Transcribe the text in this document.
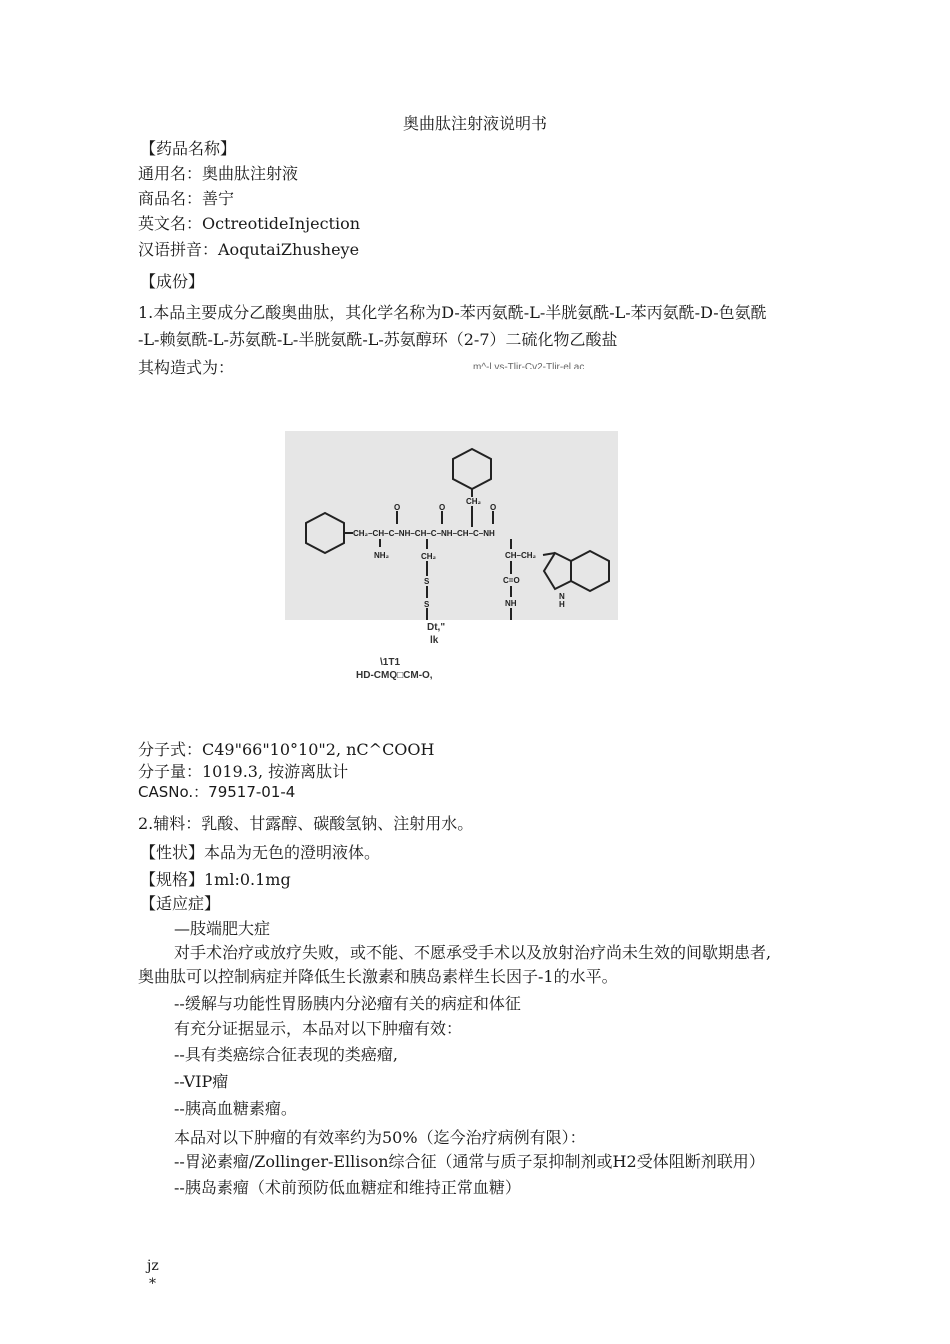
奥曲肽注射液说明书
【药品名称】
通用名：奥曲肽注射液
商品名：善宁
英文名：OctreotideInjection
汉语拼音：AoqutaiZhusheye
【成份】
1.本品主要成分乙酸奥曲肽，其化学名称为D-苯丙氨酰-L-半胱氨酰-L-苯丙氨酰-D-色氨酰
-L-赖氨酰-L-苏氨酰-L-半胱氨酰-L-苏氨醇环（2-7）二硫化物乙酸盐
其构造式为：	m^-l vs-Tlir-Cv2-Tlir-el ac
CH₂
O	O	O
CH₂–CH–C–NH–CH–C–NH–CH–C–NH
NH₂	CH₂
S
S
CH–CH₂
C=O
NH
N
H
Dt,"
lk
\1T1
HD-CMQ□CM-O,
分子式：C49"66"10°10"2, nC^COOH
分子量：1019.3, 按游离肽计
CASNo.：79517-01-4
2.辅料：乳酸、甘露醇、碳酸氢钠、注射用水。
【性状】本品为无色的澄明液体。
【规格】1ml:0.1mg
【适应症】
—肢端肥大症
对手术治疗或放疗失败，或不能、不愿承受手术以及放射治疗尚未生效的间歇期患者,
奥曲肽可以控制病症并降低生长激素和胰岛素样生长因子-1的水平。
--缓解与功能性胃肠胰内分泌瘤有关的病症和体征
有充分证据显示，本品对以下肿瘤有效：
--具有类癌综合征表现的类癌瘤,
--VIP瘤
--胰高血糖素瘤。
本品对以下肿瘤的有效率约为50%（迄今治疗病例有限）：
--胃泌素瘤/Zollinger-Ellison综合征（通常与质子泵抑制剂或H2受体阻断剂联用）
--胰岛素瘤（术前预防低血糖症和维持正常血糖）
jz
*
